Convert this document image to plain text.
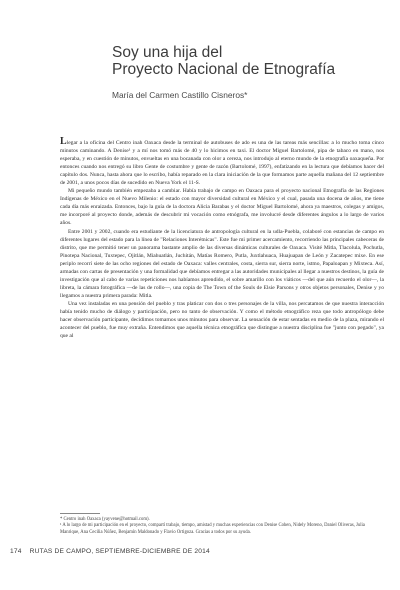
Soy una hija del
Proyecto Nacional de Etnografía

María del Carmen Castillo Cisneros*

Llegar a la oficina del Centro inah Oaxaca desde la terminal de autobuses de ado es una de las tareas más sencillas: a lo mucho toma cinco minutos caminando. A Denise¹ y a mí nos tomó más de 40 y lo hicimos en taxi. El doctor Miguel Bartolomé, pipa de tabaco en mano, nos esperaba, y en cuestión de minutos, envueltas en una bocanada con olor a cereza, nos introdujo al eterno mundo de la etnografía oaxaqueña. Por entonces cuando nos entregó su libro Gente de costumbre y gente de razón (Bartolomé, 1997), enfatizando en la lectura que debíamos hacer del capítulo dos. Nunca, hasta ahora que lo escribo, había reparado en la clara iniciación de la que formamos parte aquella mañana del 12 septiembre de 2001, a unos pocos días de sucedido en Nueva York el 11-S.

Mi pequeño mundo también empezaba a cambiar. Había trabajo de campo en Oaxaca para el proyecto nacional Etnografía de las Regiones Indígenas de México en el Nuevo Milenio: el estado con mayor diversidad cultural en México y el cual, pasada una docena de años, me tiene cada día más enraizada. Entonces, bajo la guía de la doctora Alicia Barabas y el doctor Miguel Bartolomé, ahora ya maestros, colegas y amigos, me incorporé al proyecto donde, además de descubrir mi vocación como etnógrafa, me involucré desde diferentes ángulos a lo largo de varios años.

Entre 2001 y 2002, cuando era estudiante de la licenciatura de antropología cultural en la udla-Puebla, colaboré con estancias de campo en diferentes lugares del estado para la línea de "Relaciones Interétnicas". Este fue mi primer acercamiento, recorriendo las principales cabeceras de distrito, que me permitió tener un panorama bastante amplio de las diversas dinámicas culturales de Oaxaca. Visité Mitla, Tlacolula, Pochutla, Pinotepa Nacional, Tuxtepec, Ojitlán, Miahuatlán, Juchitán, Matías Romero, Putla, Juxtlahuaca, Huajuapan de León y Zacatepec mixe. En ese periplo recorrí siete de las ocho regiones del estado de Oaxaca: valles centrales, costa, sierra sur, sierra norte, istmo, Papaloapan y Mixteca. Así, armadas con cartas de presentación y una formalidad que debíamos entregar a las autoridades municipales al llegar a nuestros destinos, la guía de investigación que al cabo de varias repeticiones nos habíamos aprendido, el sobre amarillo con los viáticos —del que aún recuerdo el olor—, la libreta, la cámara fotográfica —de las de rollo—, una copia de The Town of the Souls de Elsie Parsons y otros objetos personales, Denise y yo llegamos a nuestra primera parada: Mitla.

Una vez instaladas en una pensión del pueblo y tras platicar con dos o tres personajes de la villa, nos percatamos de que nuestra interacción había tenido mucho de diálogo y participación, pero no tanto de observación. Y como el método etnográfico reza que todo antropólogo debe hacer observación participante, decidimos tomarnos unos minutos para observar. La sensación de estar sentadas en medio de la plaza, mirando el acontecer del pueblo, fue muy extraña. Entendimos que aquella técnica etnográfica que distingue a nuestra disciplina fue "junto con pegado", ya que al

* Centro inah Oaxaca (yayvene@hotmail.com).

¹ A lo largo de mi participación en el proyecto, compartí trabajo, tiempo, amistad y muchas experiencias con Denise Cohen, Nidely Moreno, Daniel Oliveras, Julia Manrique, Ana Cecilia Núñez, Benjamín Maldonado y Flavio Ortigoza. Gracias a todos por su ayuda.

174 RUTAS DE CAMPO, SEPTIEMBRE-DICIEMBRE DE 2014
